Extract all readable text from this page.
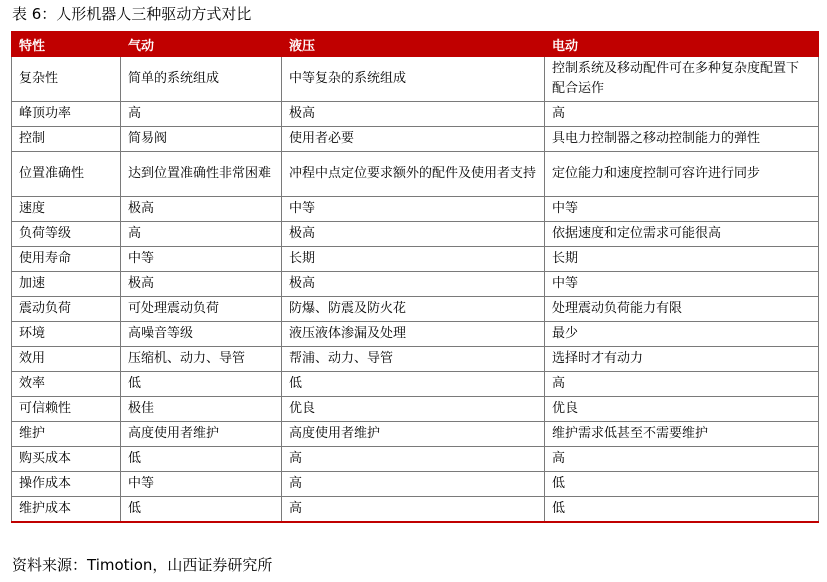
表 6：人形机器人三种驱动方式对比
特性	气动	液压	电动
复杂性	简单的系统组成	中等复杂的系统组成	控制系统及移动配件可在多种复杂度配置下配合运作
峰顶功率	高	极高	高
控制	简易阀	使用者必要	具电力控制器之移动控制能力的弹性
位置准确性	达到位置准确性非常困难	冲程中点定位要求额外的配件及使用者支持	定位能力和速度控制可容许进行同步
速度	极高	中等	中等
负荷等级	高	极高	依据速度和定位需求可能很高
使用寿命	中等	长期	长期
加速	极高	极高	中等
震动负荷	可处理震动负荷	防爆、防震及防火花	处理震动负荷能力有限
环境	高噪音等级	液压液体渗漏及处理	最少
效用	压缩机、动力、导管	帮浦、动力、导管	选择时才有动力
效率	低	低	高
可信赖性	极佳	优良	优良
维护	高度使用者维护	高度使用者维护	维护需求低甚至不需要维护
购买成本	低	高	高
操作成本	中等	高	低
维护成本	低	高	低
资料来源：Timotion，山西证券研究所
